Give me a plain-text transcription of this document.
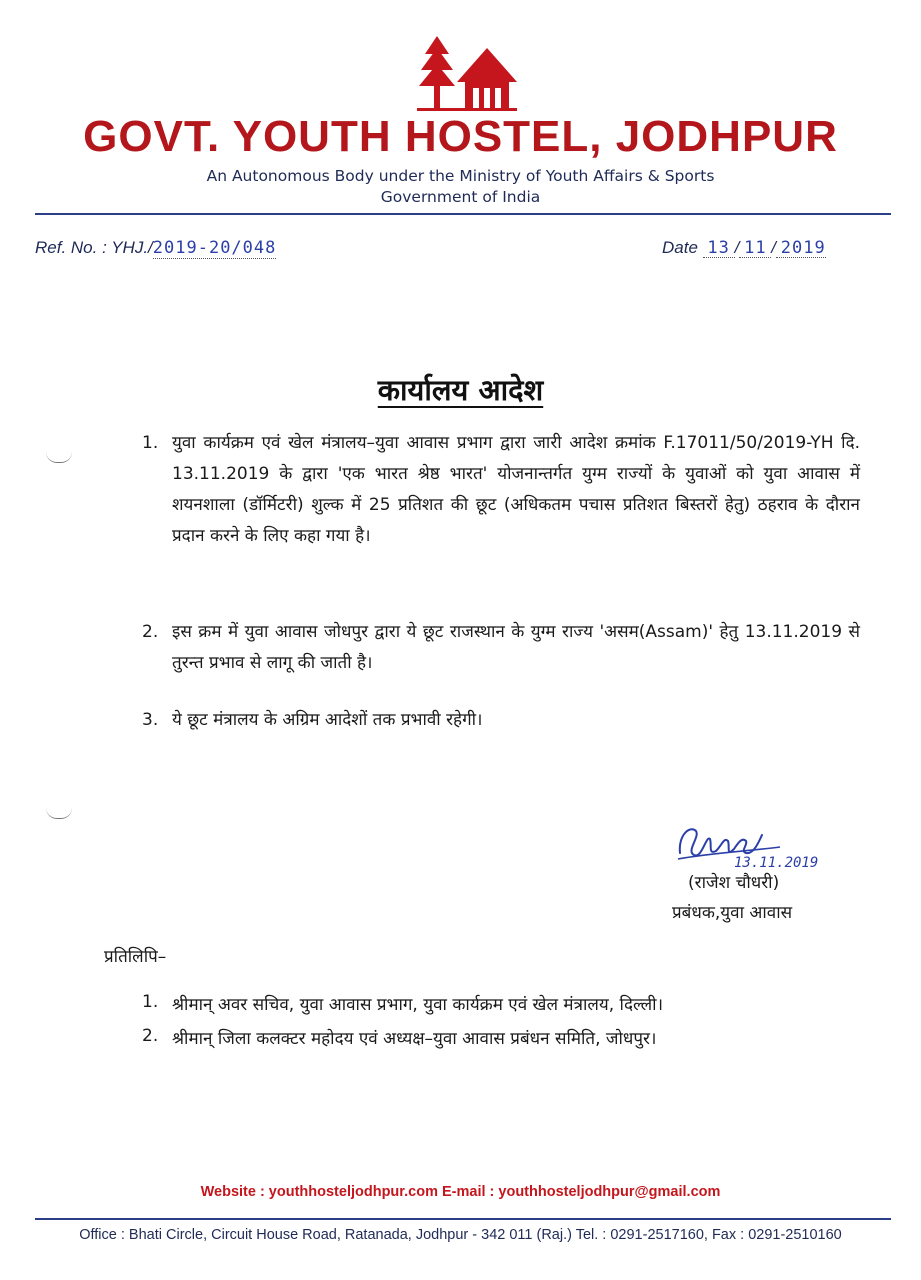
GOVT. YOUTH HOSTEL, JODHPUR
An Autonomous Body under the Ministry of Youth Affairs & Sports
Government of India
Ref. No. : YHJ./2019-20/048	Date 13 / 11 / 2019
कार्यालय आदेश
1. युवा कार्यक्रम एवं खेल मंत्रालय–युवा आवास प्रभाग द्वारा जारी आदेश क्रमांक F.17011/50/2019-YH दि. 13.11.2019 के द्वारा 'एक भारत श्रेष्ठ भारत' योजनान्तर्गत युग्म राज्यों के युवाओं को युवा आवास में शयनशाला (डॉर्मिटरी) शुल्क में 25 प्रतिशत की छूट (अधिकतम पचास प्रतिशत बिस्तरों हेतु) ठहराव के दौरान प्रदान करने के लिए कहा गया है।
2. इस क्रम में युवा आवास जोधपुर द्वारा ये छूट राजस्थान के युग्म राज्य 'असम(Assam)' हेतु 13.11.2019 से तुरन्त प्रभाव से लागू की जाती है।
3. ये छूट मंत्रालय के अग्रिम आदेशों तक प्रभावी रहेगी।
13.11.2019
(राजेश चौधरी)
प्रबंधक,युवा आवास
प्रतिलिपि–
1. श्रीमान् अवर सचिव, युवा आवास प्रभाग, युवा कार्यक्रम एवं खेल मंत्रालय, दिल्ली।
2. श्रीमान् जिला कलक्टर महोदय एवं अध्यक्ष–युवा आवास प्रबंधन समिति, जोधपुर।
Website : youthhosteljodhpur.com E-mail : youthhosteljodhpur@gmail.com
Office : Bhati Circle, Circuit House Road, Ratanada, Jodhpur - 342 011 (Raj.) Tel. : 0291-2517160, Fax : 0291-2510160
